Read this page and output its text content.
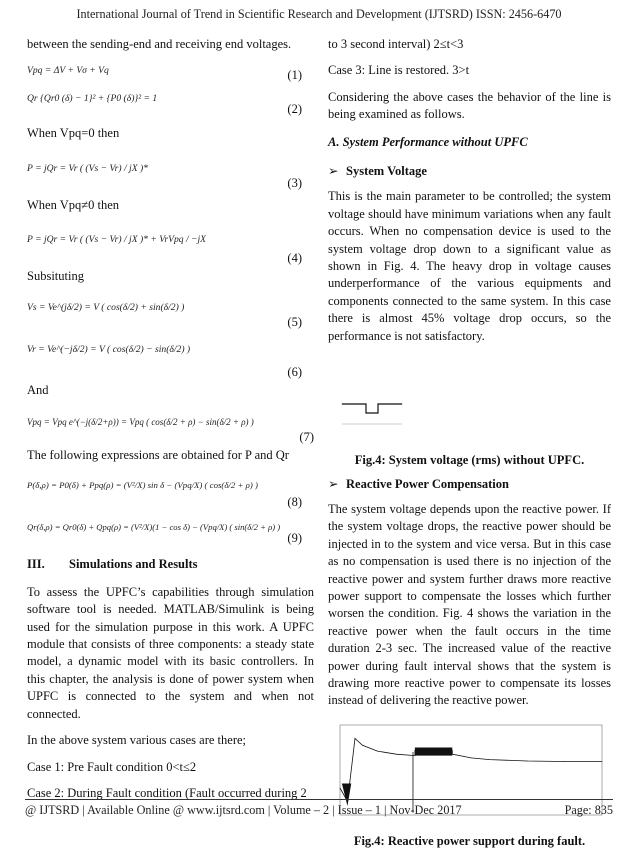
International Journal of Trend in Scientific Research and Development (IJTSRD) ISSN: 2456-6470

between the sending-end and receiving end voltages.

Vpq = ΔV + Vσ + Vq	(1)
Qr {Qr0 (δ) − 1}² + {P0 (δ)}² = 1
(2)

When Vpq=0 then

$_{P = jQr = Vr ( (Vs - Vr) / jX )*}$
(3)

When Vpq≠0 then

$_{P = jQr = Vr ( (Vs - Vr) / jX )* + VrVpq / -jX}$
(4)

Subsituting

$_{Vs = Ve\^{}(j\delta/2) = V ( cos(\delta/2) + sin(\delta/2) )}$
(5)
$_{Vr = Ve\^{}(-j\delta/2) = V ( cos(\delta/2) - sin(\delta/2) )}$
(6)

And

$_{Vpq = Vpq e\^{}(-j(\delta/2+\rho)) = Vpq ( cos(\delta/2 + \rho) - sin(\delta/2 + \rho) )}$
(7)

The following expressions are obtained for P and Qr

$_{P(\delta,\rho) = P0(\delta) + Ppq(\rho) = (V^2/X) sin \delta - (Vpq/X) ( cos(\delta/2 + \rho) )}$
(8)
$_{Qr(\delta,\rho) = Qr0(\delta) + Qpq(\rho) = (V^2/X)(1 - cos \delta) - (Vpq/X) ( sin(\delta/2 + \rho) )}$
(9)
III. Simulations and Results

To assess the UPFC’s capabilities through simulation software tool is needed. MATLAB/Simulink is being used for the simulation purpose in this work. A UPFC module that consists of three components: a steady state model, a dynamic model with its basic controllers. In this chapter, the analysis is done of power system when UPFC is connected to the system and when not connected.

In the above system various cases are there;

Case 1: Pre Fault condition 0<t≤2

Case 2: During Fault condition (Fault occurred during 2

to 3 second interval) 2≤t<3

Case 3: Line is restored. 3>t

Considering the above cases the behavior of the line is being examined as follows.

A. System Performance without UPFC
➢ System Voltage

This is the main parameter to be controlled; the system voltage should have minimum variations when any fault occurs. When no compensation device is used to the system voltage drop down to a significant value as shown in Fig. 4. The heavy drop in voltage causes underperformance of the various equipments and components connected to the same system. In this case there is almost 45% voltage drop occurs, so the performance is not satisfactory.

Fig.4: System voltage (rms) without UPFC.

➢ Reactive Power Compensation

The system voltage depends upon the reactive power. If the system voltage drops, the reactive power should be injected in to the system and vice versa. But in this case as no compensation is used there is no injection of the reactive power and system further draws more reactive power support to compensate the losses which further worsen the condition. Fig. 4 shows the variation in the reactive power when the fault occurs in the time duration 2-3 sec. The increased value of the reactive power during fault interval shows that the system is drawing more reactive power to compensate its losses instead of delivering the reactive power.

Fig.4: Reactive power support during fault.

@ IJTSRD | Available Online @ www.ijtsrd.com | Volume – 2 | Issue – 1 | Nov-Dec 2017	Page: 835
